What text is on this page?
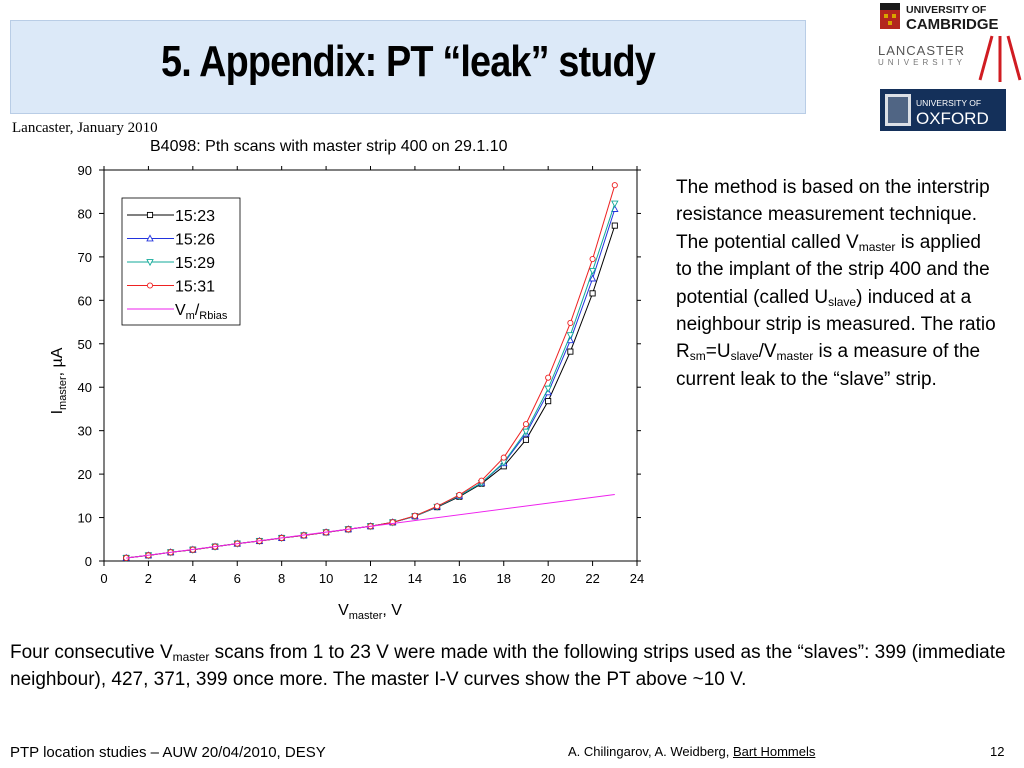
5. Appendix: PT “leak” study
Lancaster, January 2010
B4098: Pth scans with master strip 400 on 29.1.10
UNIVERSITY OF
CAMBRIDGE
LANCASTER
UNIVERSITY
UNIVERSITY OF
OXFORD
0	2	4	6	8	10 12 14 16 18 20 22 24
0
10
20
30
40
50
60
70
80
90
15:23
15:26
15:29
15:31
$V_m/_{Rbias}$
$I_{master}$, µA
$V_{master}$, V
The method is based on the interstrip resistance measurement technique. The potential called $V_{master}$ is applied to the implant of the strip 400 and the potential (called $U_{slave}$) induced at a neighbour strip is measured. The ratio $R_{sm}=U_{slave}/V_{master}$ is a measure of the current leak to the “slave” strip.
Four consecutive $V_{master}$ scans from 1 to 23 V were made with the following strips used as the “slaves”: 399 (immediate neighbour), 427, 371, 399 once more. The master I-V curves show the PT above ~10 V.
PTP location studies – AUW 20/04/2010, DESY	A. Chilingarov, A. Weidberg, Bart Hommels	12
